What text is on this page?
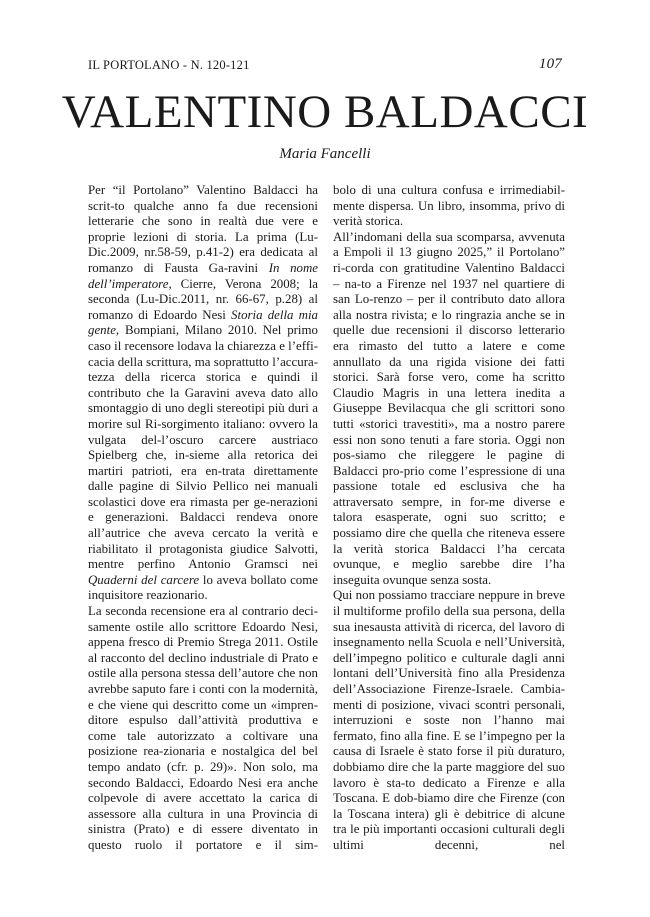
IL PORTOLANO - N. 120-121	107
VALENTINO BALDACCI
Maria Fancelli

Per “il Portolano” Valentino Baldacci ha scrit-to qualche anno fa due recensioni letterarie che sono in realtà due vere e proprie lezioni di storia. La prima (Lu-Dic.2009, nr.58-59, p.41-2) era dedicata al romanzo di Fausta Ga-ravini In nome dell’imperatore, Cierre, Verona 2008; la seconda (Lu-Dic.2011, nr. 66-67, p.28) al romanzo di Edoardo Nesi Storia della mia gente, Bompiani, Milano 2010. Nel primo caso il recensore lodava la chiarezza e l’effi-cacia della scrittura, ma soprattutto l’accura-tezza della ricerca storica e quindi il contributo che la Garavini aveva dato allo smontaggio di uno degli stereotipi più duri a morire sul Ri-sorgimento italiano: ovvero la vulgata del-l’oscuro carcere austriaco Spielberg che, in-sieme alla retorica dei martiri patrioti, era en-trata direttamente dalle pagine di Silvio Pellico nei manuali scolastici dove era rimasta per ge-nerazioni e generazioni. Baldacci rendeva onore all’autrice che aveva cercato la verità e riabilitato il protagonista giudice Salvotti, mentre perfino Antonio Gramsci nei Quaderni del carcere lo aveva bollato come inquisitore reazionario.

La seconda recensione era al contrario deci-samente ostile allo scrittore Edoardo Nesi, appena fresco di Premio Strega 2011. Ostile al racconto del declino industriale di Prato e ostile alla persona stessa dell’autore che non avrebbe saputo fare i conti con la modernità, e che viene qui descritto come un «impren-ditore espulso dall’attività produttiva e come tale autorizzato a coltivare una posizione rea-zionaria e nostalgica del bel tempo andato (cfr. p. 29)». Non solo, ma secondo Baldacci, Edoardo Nesi era anche colpevole di avere accettato la carica di assessore alla cultura in una Provincia di sinistra (Prato) e di essere diventato in questo ruolo il portatore e il sim-

bolo di una cultura confusa e irrimediabil-mente dispersa. Un libro, insomma, privo di verità storica.

All’indomani della sua scomparsa, avvenuta a Empoli il 13 giugno 2025,” il Portolano” ri-corda con gratitudine Valentino Baldacci – na-to a Firenze nel 1937 nel quartiere di san Lo-renzo – per il contributo dato allora alla nostra rivista; e lo ringrazia anche se in quelle due recensioni il discorso letterario era rimasto del tutto a latere e come annullato da una rigida visione dei fatti storici. Sarà forse vero, come ha scritto Claudio Magris in una lettera inedita a Giuseppe Bevilacqua che gli scrittori sono tutti «storici travestiti», ma a nostro parere essi non sono tenuti a fare storia. Oggi non pos-siamo che rileggere le pagine di Baldacci pro-prio come l’espressione di una passione totale ed esclusiva che ha attraversato sempre, in for-me diverse e talora esasperate, ogni suo scritto; e possiamo dire che quella che riteneva essere la verità storica Baldacci l’ha cercata ovunque, e meglio sarebbe dire l’ha inseguita ovunque senza sosta.

Qui non possiamo tracciare neppure in breve il multiforme profilo della sua persona, della sua inesausta attività di ricerca, del lavoro di insegnamento nella Scuola e nell’Università, dell’impegno politico e culturale dagli anni lontani dell’Università fino alla Presidenza dell’Associazione Firenze-Israele. Cambia-menti di posizione, vivaci scontri personali, interruzioni e soste non l’hanno mai fermato, fino alla fine. E se l’impegno per la causa di Israele è stato forse il più duraturo, dobbiamo dire che la parte maggiore del suo lavoro è sta-to dedicato a Firenze e alla Toscana. E dob-biamo dire che Firenze (con la Toscana intera) gli è debitrice di alcune tra le più importanti occasioni culturali degli ultimi decenni, nel
